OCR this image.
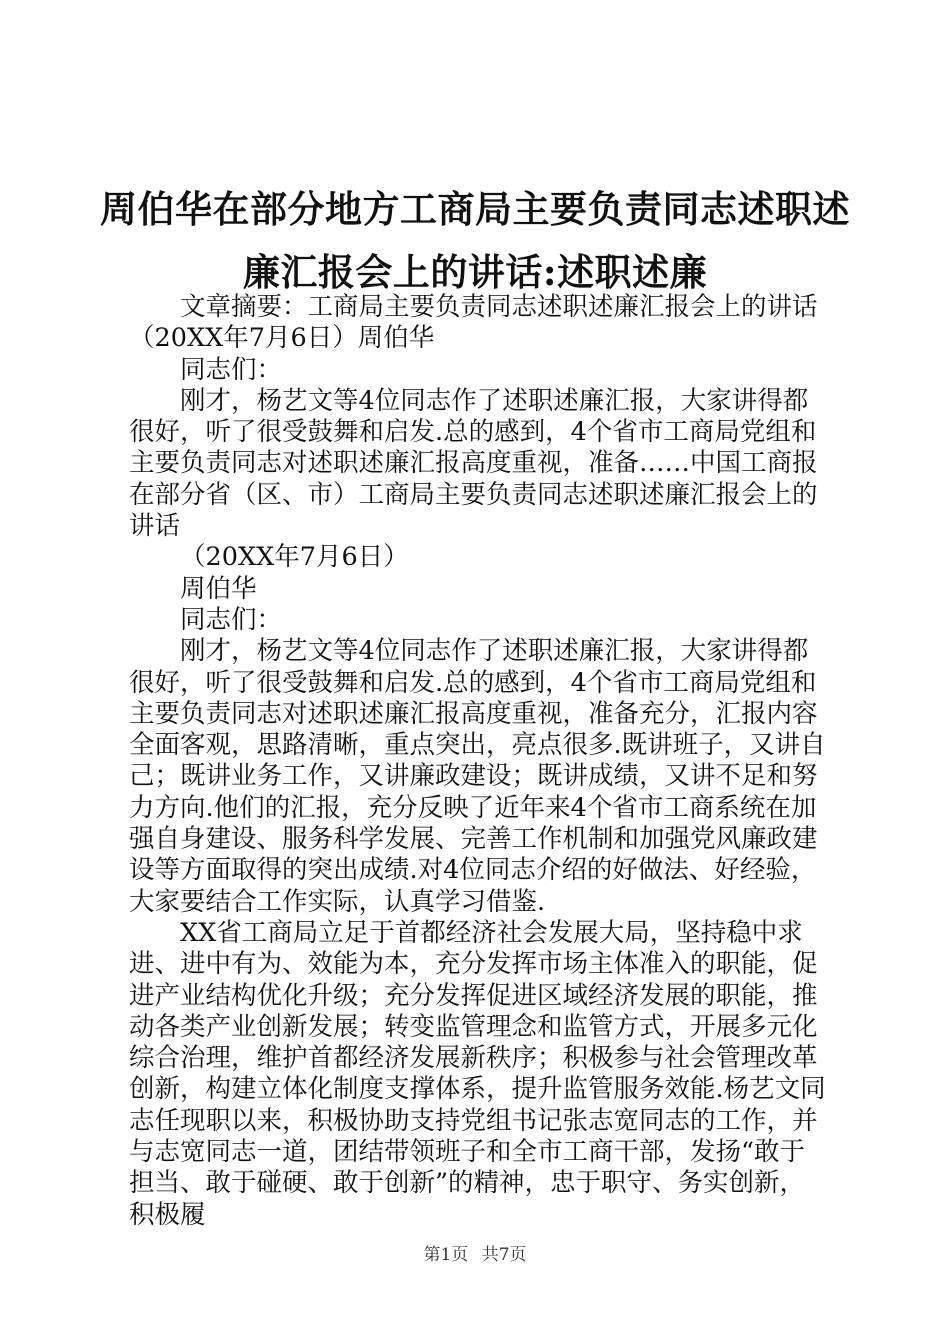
周伯华在部分地方工商局主要负责同志述职述
廉汇报会上的讲话:述职述廉

文章摘要：工商局主要负责同志述职述廉汇报会上的讲话（20XX年7月6日）周伯华

同志们：

刚才，杨艺文等4位同志作了述职述廉汇报，大家讲得都很好，听了很受鼓舞和启发.总的感到，4个省市工商局党组和主要负责同志对述职述廉汇报高度重视，准备……中国工商报在部分省（区、市）工商局主要负责同志述职述廉汇报会上的讲话

（20XX年7月6日）

周伯华

同志们：

刚才，杨艺文等4位同志作了述职述廉汇报，大家讲得都很好，听了很受鼓舞和启发.总的感到，4个省市工商局党组和主要负责同志对述职述廉汇报高度重视，准备充分，汇报内容全面客观，思路清晰，重点突出，亮点很多.既讲班子，又讲自己；既讲业务工作，又讲廉政建设；既讲成绩，又讲不足和努力方向.他们的汇报，充分反映了近年来4个省市工商系统在加强自身建设、服务科学发展、完善工作机制和加强党风廉政建设等方面取得的突出成绩.对4位同志介绍的好做法、好经验，大家要结合工作实际，认真学习借鉴.

XX省工商局立足于首都经济社会发展大局，坚持稳中求进、进中有为、效能为本，充分发挥市场主体准入的职能，促进产业结构优化升级；充分发挥促进区域经济发展的职能，推动各类产业创新发展；转变监管理念和监管方式，开展多元化综合治理，维护首都经济发展新秩序；积极参与社会管理改革创新，构建立体化制度支撑体系，提升监管服务效能.杨艺文同志任现职以来，积极协助支持党组书记张志宽同志的工作，并与志宽同志一道，团结带领班子和全市工商干部，发扬“敢于担当、敢于碰硬、敢于创新”的精神，忠于职守、务实创新，积极履

第1页 共7页
